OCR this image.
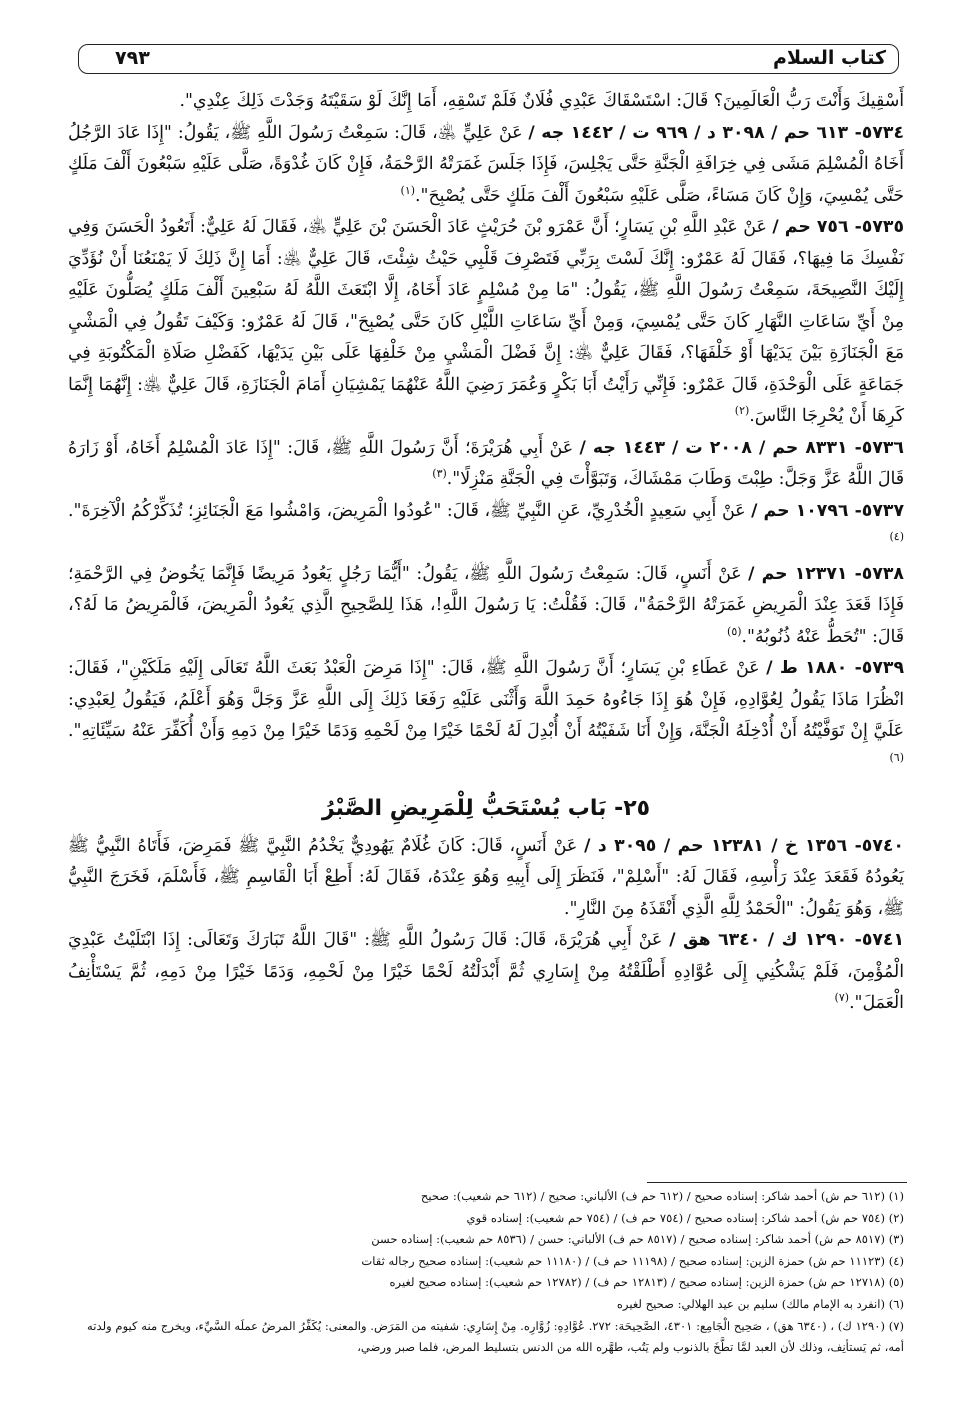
كتاب السلام
٧٩٣

أَسْقِيكَ وَأَنْتَ رَبُّ الْعَالَمِينَ؟ قَالَ: اسْتَسْقَاكَ عَبْدِي فُلَانٌ فَلَمْ تَسْقِهِ، أَمَا إِنَّكَ لَوْ سَقَيْتَهُ وَجَدْتَ ذَلِكَ عِنْدِي".

٥٧٣٤- ٦١٣ حم / ٣٠٩٨ د / ٩٦٩ ت / ١٤٤٢ جه / عَنْ عَلِيٍّ ﵁، قَالَ: سَمِعْتُ رَسُولَ اللَّهِ ﷺ، يَقُولُ: "إِذَا عَادَ الرَّجُلُ أَخَاهُ الْمُسْلِمَ مَشَى فِي خِرَافَةِ الْجَنَّةِ حَتَّى يَجْلِسَ، فَإِذَا جَلَسَ غَمَرَتْهُ الرَّحْمَةُ، فَإِنْ كَانَ غُدْوَةً، صَلَّى عَلَيْهِ سَبْعُونَ أَلْفَ مَلَكٍ حَتَّى يُمْسِيَ، وَإِنْ كَانَ مَسَاءً، صَلَّى عَلَيْهِ سَبْعُونَ أَلْفَ مَلَكٍ حَتَّى يُصْبِحَ".$^{(١)}$

٥٧٣٥- ٧٥٦ حم / عَنْ عَبْدِ اللَّهِ بْنِ يَسَارٍ؛ أَنَّ عَمْرَو بْنَ حُرَيْثٍ عَادَ الْحَسَنَ بْنَ عَلِيٍّ ﵁، فَقَالَ لَهُ عَلِيٌّ: أَتَعُودُ الْحَسَنَ وَفِي نَفْسِكَ مَا فِيهَا؟، فَقَالَ لَهُ عَمْرٌو: إِنَّكَ لَسْتَ بِرَبِّي فَتَصْرِفَ قَلْبِي حَيْثُ شِئْتَ، قَالَ عَلِيٌّ ﵁: أَمَا إِنَّ ذَلِكَ لَا يَمْنَعُنَا أَنْ نُؤَدِّيَ إِلَيْكَ النَّصِيحَةَ، سَمِعْتُ رَسُولَ اللَّهِ ﷺ، يَقُولُ: "مَا مِنْ مُسْلِمٍ عَادَ أَخَاهُ، إِلَّا ابْتَعَثَ اللَّهُ لَهُ سَبْعِينَ أَلْفَ مَلَكٍ يُصَلُّونَ عَلَيْهِ مِنْ أَيِّ سَاعَاتِ النَّهَارِ كَانَ حَتَّى يُمْسِيَ، وَمِنْ أَيِّ سَاعَاتِ اللَّيْلِ كَانَ حَتَّى يُصْبِحَ"، قَالَ لَهُ عَمْرٌو: وَكَيْفَ تَقُولُ فِي الْمَشْيِ مَعَ الْجَنَازَةِ بَيْنَ يَدَيْهَا أَوْ خَلْفَهَا؟، فَقَالَ عَلِيٌّ ﵁: إِنَّ فَضْلَ الْمَشْيِ مِنْ خَلْفِهَا عَلَى بَيْنِ يَدَيْهَا، كَفَضْلِ صَلَاةِ الْمَكْتُوبَةِ فِي جَمَاعَةٍ عَلَى الْوَحْدَةِ، قَالَ عَمْرٌو: فَإِنِّي رَأَيْتُ أَبَا بَكْرٍ وَعُمَرَ رَضِيَ اللَّهُ عَنْهُمَا يَمْشِيَانِ أَمَامَ الْجَنَازَةِ، قَالَ عَلِيٌّ ﵁: إِنَّهُمَا إِنَّمَا كَرِهَا أَنْ يُحْرِجَا النَّاسَ.$^{(٢)}$

٥٧٣٦- ٨٣٣١ حم / ٢٠٠٨ ت / ١٤٤٣ جه / عَنْ أَبِي هُرَيْرَةَ؛ أَنَّ رَسُولَ اللَّهِ ﷺ، قَالَ: "إِذَا عَادَ الْمُسْلِمُ أَخَاهُ، أَوْ زَارَهُ قَالَ اللَّهُ عَزَّ وَجَلَّ: طِبْتَ وَطَابَ مَمْشَاكَ، وَتَبَوَّأْتَ فِي الْجَنَّةِ مَنْزِلًا".$^{(٣)}$

٥٧٣٧- ١٠٧٩٦ حم / عَنْ أَبِي سَعِيدٍ الْخُدْرِيِّ، عَنِ النَّبِيِّ ﷺ، قَالَ: "عُودُوا الْمَرِيضَ، وَامْشُوا مَعَ الْجَنَائِزِ؛ تُذَكِّرْكُمُ الْآخِرَةَ".$^{(٤)}$

٥٧٣٨- ١٢٣٧١ حم / عَنْ أَنَسٍ، قَالَ: سَمِعْتُ رَسُولَ اللَّهِ ﷺ، يَقُولُ: "أَيُّمَا رَجُلٍ يَعُودُ مَرِيضًا فَإِنَّمَا يَخُوضُ فِي الرَّحْمَةِ؛ فَإِذَا قَعَدَ عِنْدَ الْمَرِيضِ غَمَرَتْهُ الرَّحْمَةُ"، قَالَ: فَقُلْتُ: يَا رَسُولَ اللَّهِ!، هَذَا لِلصَّحِيحِ الَّذِي يَعُودُ الْمَرِيضَ، فَالْمَرِيضُ مَا لَهُ؟، قَالَ: "تُحَطُّ عَنْهُ ذُنُوبُهُ".$^{(٥)}$

٥٧٣٩- ١٨٨٠ ط / عَنْ عَطَاءِ بْنِ يَسَارٍ؛ أَنَّ رَسُولَ اللَّهِ ﷺ، قَالَ: "إِذَا مَرِضَ الْعَبْدُ بَعَثَ اللَّهُ تَعَالَى إِلَيْهِ مَلَكَيْنِ"، فَقَالَ: انْظُرَا مَاذَا يَقُولُ لِعُوَّادِهِ، فَإِنْ هُوَ إِذَا جَاءُوهُ حَمِدَ اللَّهَ وَأَثْنَى عَلَيْهِ رَفَعَا ذَلِكَ إِلَى اللَّهِ عَزَّ وَجَلَّ وَهُوَ أَعْلَمُ، فَيَقُولُ لِعَبْدِي: عَلَيَّ إِنْ تَوَفَّيْتُهُ أَنْ أُدْخِلَهُ الْجَنَّةَ، وَإِنْ أَنَا شَفَيْتُهُ أَنْ أُبْدِلَ لَهُ لَحْمًا خَيْرًا مِنْ لَحْمِهِ وَدَمًا خَيْرًا مِنْ دَمِهِ وَأَنْ أُكَفِّرَ عَنْهُ سَيِّئَاتِهِ".$^{(٦)}$

٢٥- بَاب يُسْتَحَبُّ لِلْمَرِيضِ الصَّبْرُ

٥٧٤٠- ١٣٥٦ خ / ١٢٣٨١ حم / ٣٠٩٥ د / عَنْ أَنَسٍ، قَالَ: كَانَ غُلَامٌ يَهُودِيٌّ يَخْدُمُ النَّبِيَّ ﷺ فَمَرِضَ، فَأَتَاهُ النَّبِيُّ ﷺ يَعُودُهُ فَقَعَدَ عِنْدَ رَأْسِهِ، فَقَالَ لَهُ: "أَسْلِمْ"، فَنَظَرَ إِلَى أَبِيهِ وَهُوَ عِنْدَهُ، فَقَالَ لَهُ: أَطِعْ أَبَا الْقَاسِمِ ﷺ، فَأَسْلَمَ، فَخَرَجَ النَّبِيُّ ﷺ، وَهُوَ يَقُولُ: "الْحَمْدُ لِلَّهِ الَّذِي أَنْقَذَهُ مِنَ النَّارِ".

٥٧٤١- ١٢٩٠ ك / ٦٣٤٠ هق / عَنْ أَبِي هُرَيْرَةَ، قَالَ: قَالَ رَسُولُ اللَّهِ ﷺ: "قَالَ اللَّهُ تَبَارَكَ وَتَعَالَى: إِذَا ابْتَلَيْتُ عَبْدِيَ الْمُؤْمِنَ، فَلَمْ يَشْكُنِي إِلَى عُوَّادِهِ أَطْلَقْتُهُ مِنْ إِسَارِي ثُمَّ أَبْدَلْتُهُ لَحْمًا خَيْرًا مِنْ لَحْمِهِ، وَدَمًا خَيْرًا مِنْ دَمِهِ، ثُمَّ يَسْتَأْنِفُ الْعَمَلَ".$^{(٧)}$

(١) (٦١٢ حم ش) أحمد شاكر: إسناده صحيح / (٦١٢ حم ف) الألباني: صحيح / (٦١٢ حم شعيب): صحيح
(٢) (٧٥٤ حم ش) أحمد شاكر: إسناده صحيح / (٧٥٤ حم ف) / (٧٥٤ حم شعيب): إسناده قوي
(٣) (٨٥١٧ حم ش) أحمد شاكر: إسناده صحيح / (٨٥١٧ حم ف) الألباني: حسن / (٨٥٣٦ حم شعيب): إسناده حسن
(٤) (١١١٢٣ حم ش) حمزة الزين: إسناده صحيح / (١١١٩٨ حم ف) / (١١١٨٠ حم شعيب): إسناده صحيح رجاله ثقات
(٥) (١٢٧١٨ حم ش) حمزة الزين: إسناده صحيح / (١٢٨١٣ حم ف) / (١٢٧٨٢ حم شعيب): إسناده صحيح لغيره
(٦) (انفرد به الإمام مالك) سليم بن عيد الهلالي: صحيح لغيره
(٧) (١٢٩٠ ك) ، (٦٣٤٠ هق) ، صَحِيح الْجَامِع: ٤٣٠١، الصَّحِيحَة: ٢٧٢. عُوَّادِهِ: زُوَّارِه. مِنْ إِسَارِي: شفيته من المَرَض. والمعنى: يُكَفِّرُ المرضُ عملَه السَّيِّء، ويخرج منه كيوم ولدته أمه، ثم يَستأنِف، وذلك لأن العبد لمَّا تطَّخَ بالذنوب ولم يَتُب، طهَّره الله من الدنس بتسليط المرض، فلما صبر ورضي،
